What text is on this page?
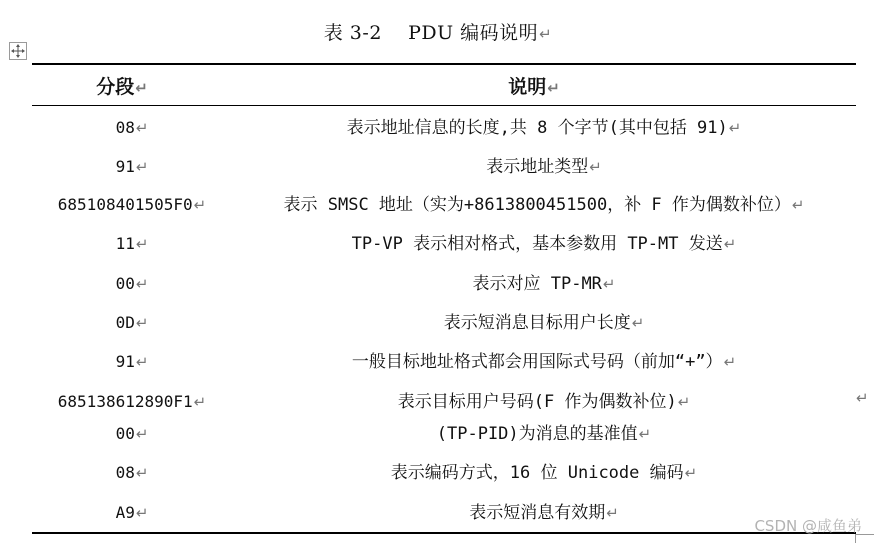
表 3-2 PDU 编码说明↵
分段↵	说明↵
08↵	表示地址信息的长度,共 8 个字节(其中包括 91)↵
91↵	表示地址类型↵
685108401505F0↵	表示 SMSC 地址（实为+8613800451500，补 F 作为偶数补位）↵
11↵	TP-VP 表示相对格式，基本参数用 TP-MT 发送↵
00↵	表示对应 TP-MR↵
0D↵	表示短消息目标用户长度↵
91↵	一般目标地址格式都会用国际式号码（前加“+”）↵
685138612890F1↵	表示目标用户号码(F 作为偶数补位)↵
00↵	(TP-PID)为消息的基准值↵
08↵	表示编码方式，16 位 Unicode 编码↵
A9↵	表示短消息有效期↵
↵
CSDN @咸鱼弟
